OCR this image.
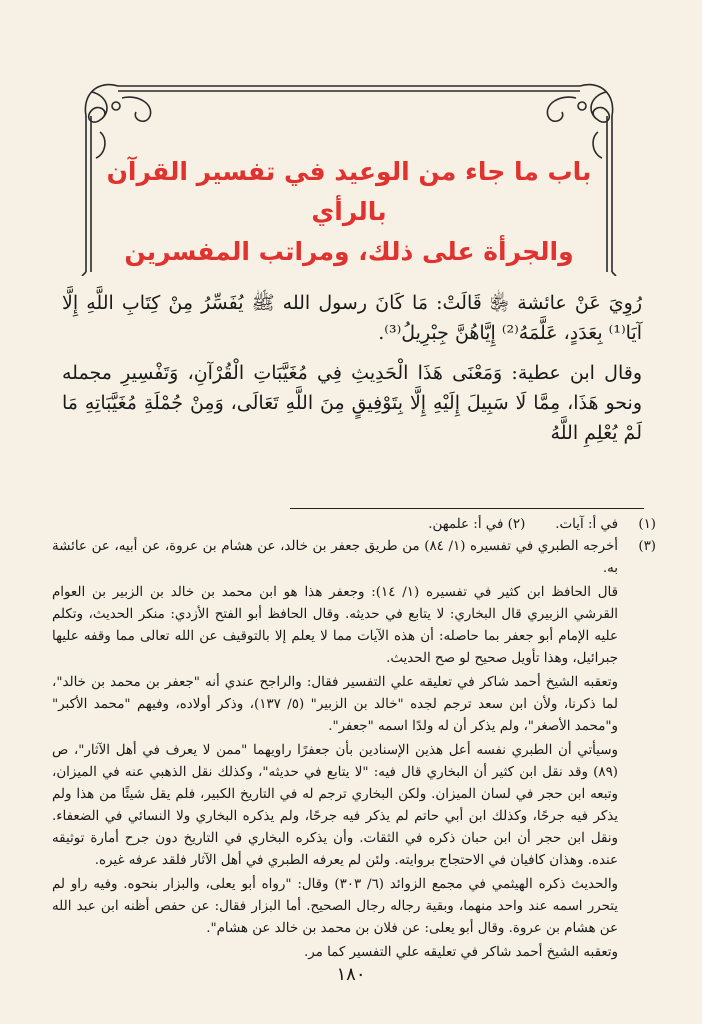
باب ما جاء من الوعيد في تفسير القرآن بالرأي
والجرأة على ذلك، ومراتب المفسرين

رُوِيَ عَنْ عائشة ﵂ قَالَتْ: مَا كَانَ رسول الله ﷺ يُفَسِّرُ مِنْ كِتَابِ اللَّهِ إِلَّا آيَا⁽¹⁾ بِعَدَدٍ، عَلَّمَهُ⁽²⁾ إِيَّاهُنَّ جِبْرِيلُ⁽³⁾.

وقال ابن عطية: وَمَعْنَى هَذَا الْحَدِيثِ فِي مُغَيَّبَاتِ الْقُرْآنِ، وَتَفْسِيرِ مجمله ونحو هَذَا، مِمَّا لَا سَبِيلَ إِلَيْهِ إِلَّا بِتَوْفِيقٍ مِنَ اللَّهِ تَعَالَى، وَمِنْ جُمْلَةِ مُغَيَّبَاتِهِ مَا لَمْ يُعْلِمِ اللَّهُ

(١)
في أ: آيات.
(٢) في أ: علمهن.
(٣)
أخرجه الطبري في تفسيره (١/ ٨٤) من طريق جعفر بن خالد، عن هشام بن عروة، عن أبيه، عن عائشة به.
قال الحافظ ابن كثير في تفسيره (١/ ١٤): وجعفر هذا هو ابن محمد بن خالد بن الزبير بن العوام القرشي الزبيري قال البخاري: لا يتابع في حديثه. وقال الحافظ أبو الفتح الأزدي: منكر الحديث، وتكلم عليه الإمام أبو جعفر بما حاصله: أن هذه الآيات مما لا يعلم إلا بالتوقيف عن الله تعالى مما وقفه عليها جبرائيل، وهذا تأويل صحيح لو صح الحديث.
وتعقبه الشيخ أحمد شاكر في تعليقه علي التفسير فقال: والراجح عندي أنه "جعفر بن محمد بن خالد"، لما ذكرنا، ولأن ابن سعد ترجم لجده "خالد بن الزبير" (٥/ ١٣٧)، وذكر أولاده، وفيهم "محمد الأكبر" و"محمد الأصغر"، ولم يذكر أن له ولدًا اسمه "جعفر".
وسيأتي أن الطبري نفسه أعل هذين الإسنادين بأن جعفرًا راويهما "ممن لا يعرف في أهل الآثار"، ص (٨٩) وقد نقل ابن كثير أن البخاري قال فيه: "لا يتابع في حديثه"، وكذلك نقل الذهبي عنه في الميزان، وتبعه ابن حجر في لسان الميزان. ولكن البخاري ترجم له في التاريخ الكبير، فلم يقل شيئًا من هذا ولم يذكر فيه جرحًا، وكذلك ابن أبي حاتم لم يذكر فيه جرحًا، ولم يذكره البخاري ولا النسائي في الضعفاء. ونقل ابن حجر أن ابن حبان ذكره في الثقات. وأن يذكره البخاري في التاريخ دون جرح أمارة توثيقه عنده. وهذان كافيان في الاحتجاج بروايته. ولئن لم يعرفه الطبري في أهل الآثار فلقد عرفه غيره.
والحديث ذكره الهيثمي في مجمع الزوائد (٦/ ٣٠٣) وقال: "رواه أبو يعلى، والبزار بنحوه. وفيه راو لم يتحرر اسمه عند واحد منهما، وبقية رجاله رجال الصحيح. أما البزار فقال: عن حفص أظنه ابن عبد الله عن هشام بن عروة. وقال أبو يعلى: عن فلان بن محمد بن خالد عن هشام".
وتعقبه الشيخ أحمد شاكر في تعليقه علي التفسير كما مر.
١٨٠
